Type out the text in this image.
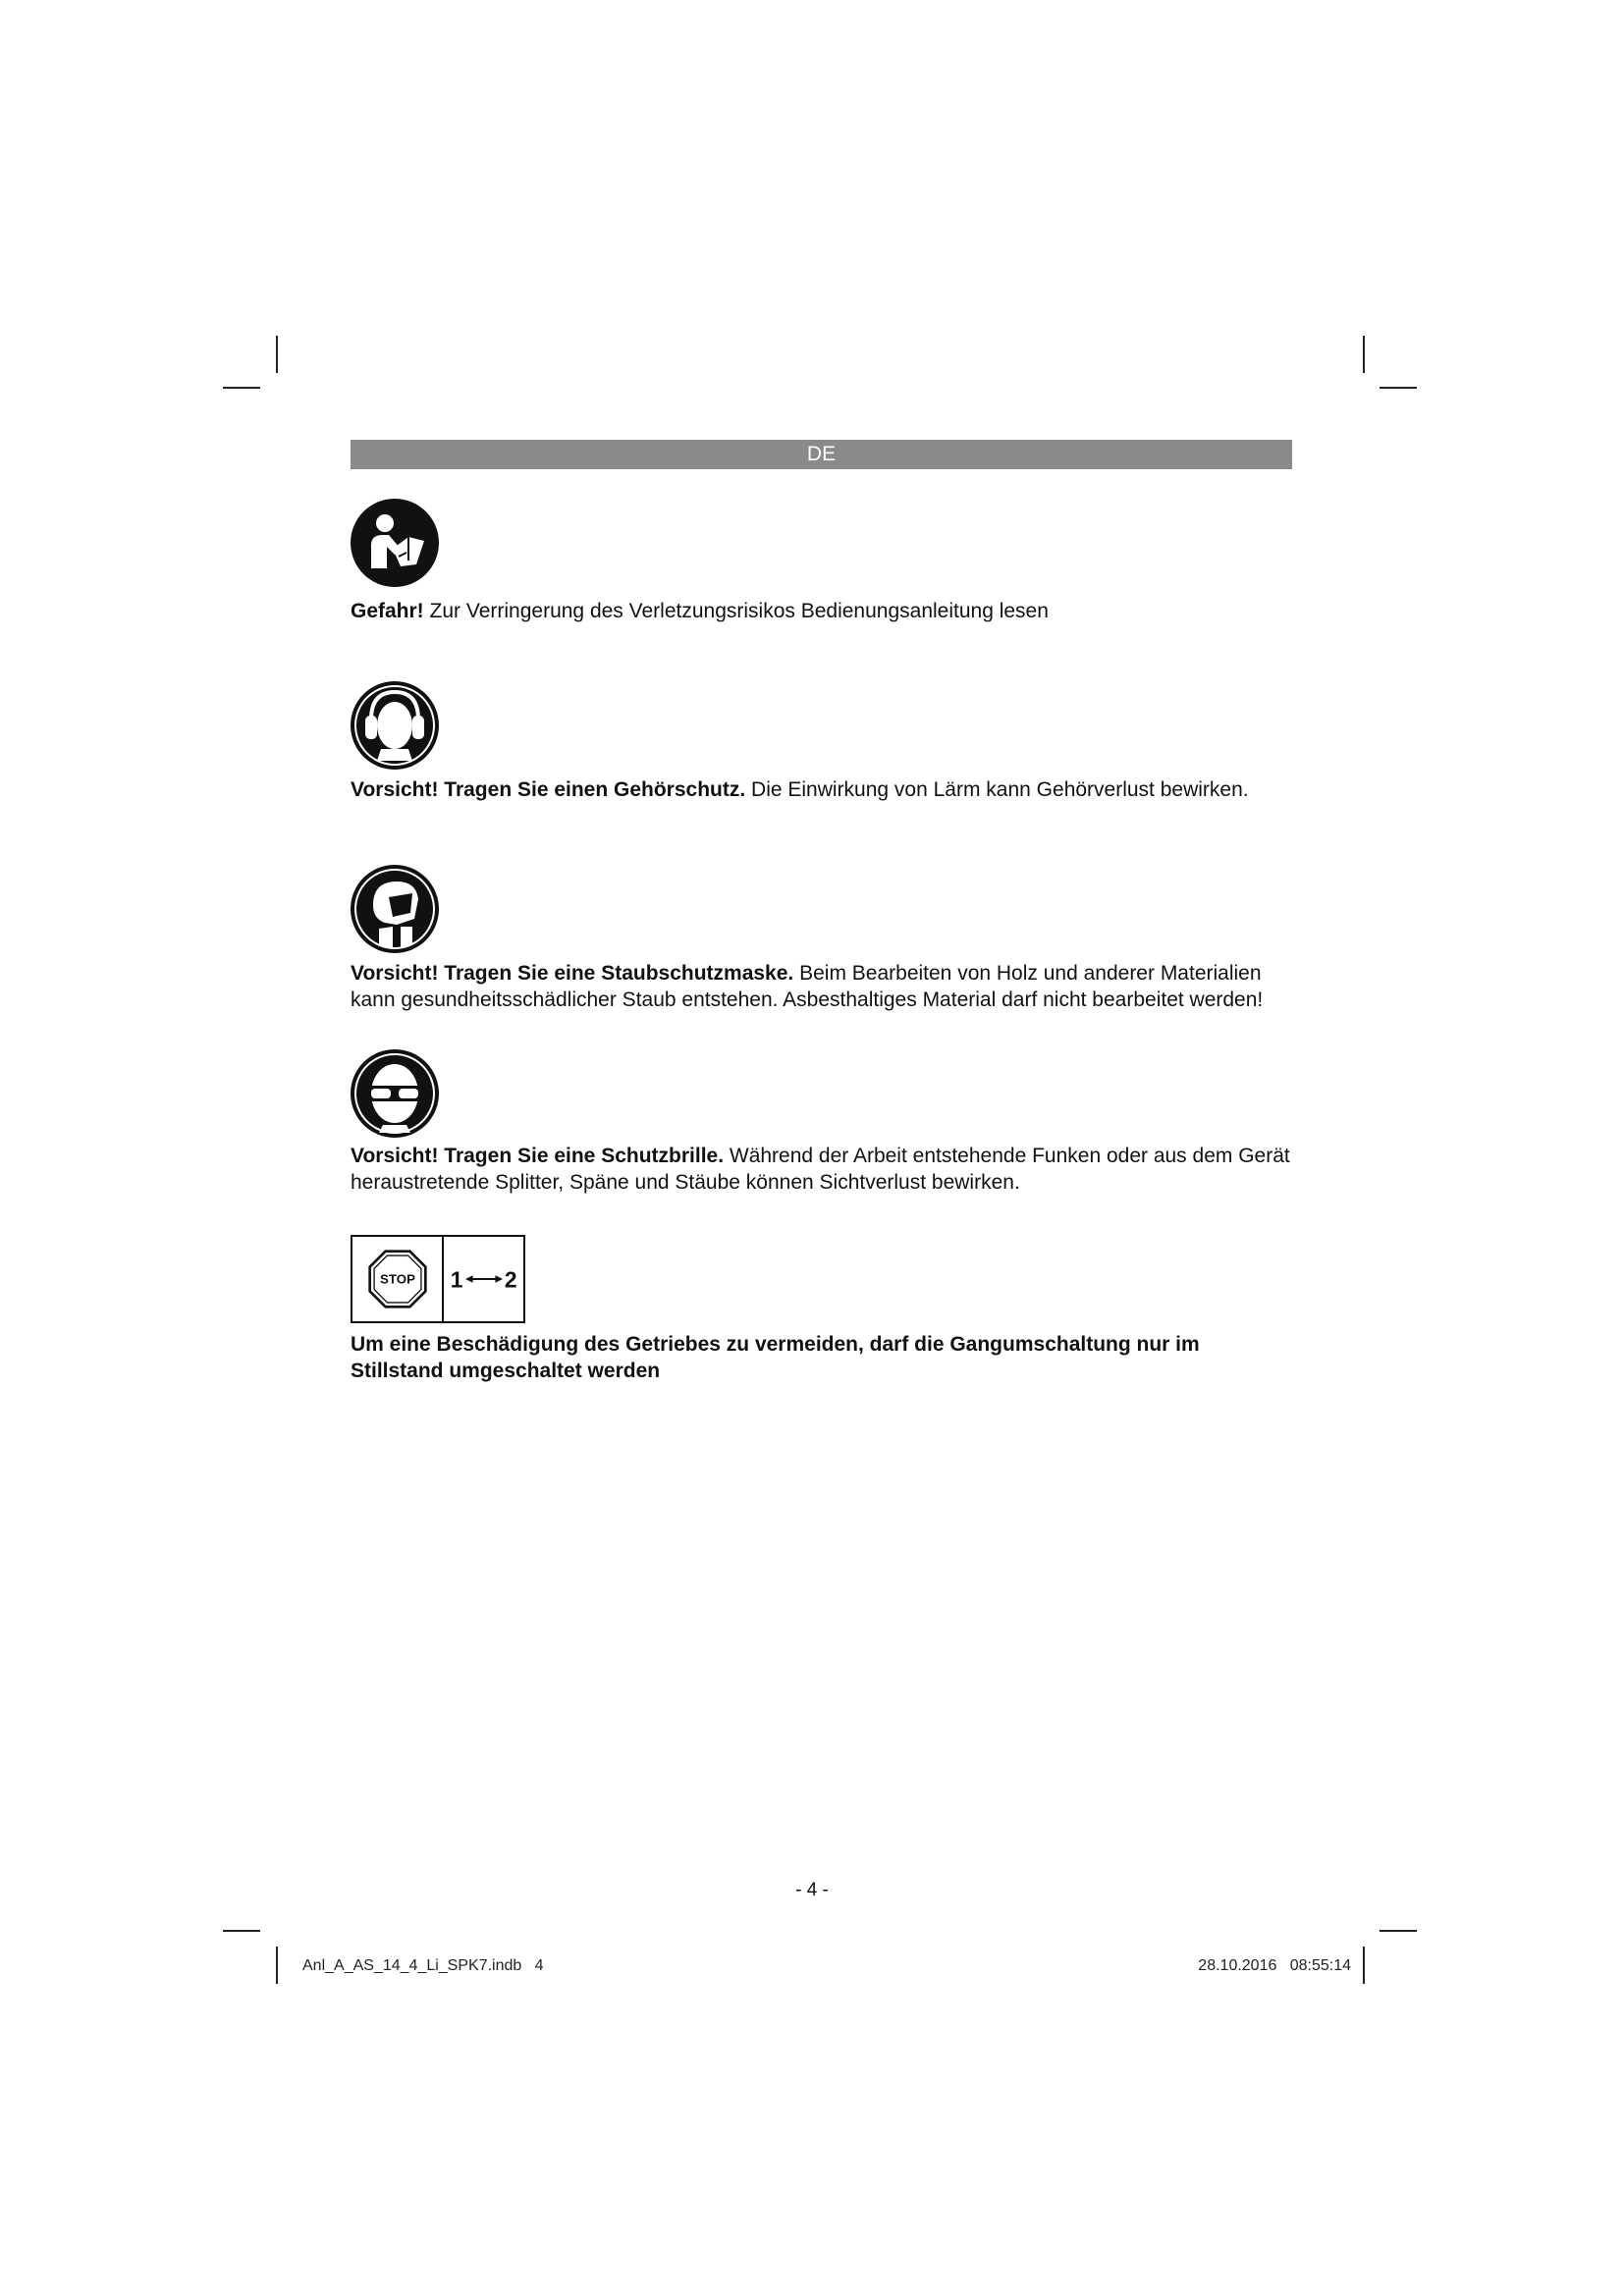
DE
Gefahr! Zur Verringerung des Verletzungsrisikos Bedienungsanleitung lesen
Vorsicht! Tragen Sie einen Gehörschutz. Die Einwirkung von Lärm kann Gehörverlust bewirken.
Vorsicht! Tragen Sie eine Staubschutzmaske. Beim Bearbeiten von Holz und anderer Materialien kann gesundheitsschädlicher Staub entstehen. Asbesthaltiges Material darf nicht bearbeitet werden!
Vorsicht! Tragen Sie eine Schutzbrille. Während der Arbeit entstehende Funken oder aus dem Gerät heraustretende Splitter, Späne und Stäube können Sichtverlust bewirken.
STOP 1 2
Um eine Beschädigung des Getriebes zu vermeiden, darf die Gangumschaltung nur im Stillstand umgeschaltet werden
- 4 -
Anl_A_AS_14_4_Li_SPK7.indb   4	28.10.2016   08:55:14
